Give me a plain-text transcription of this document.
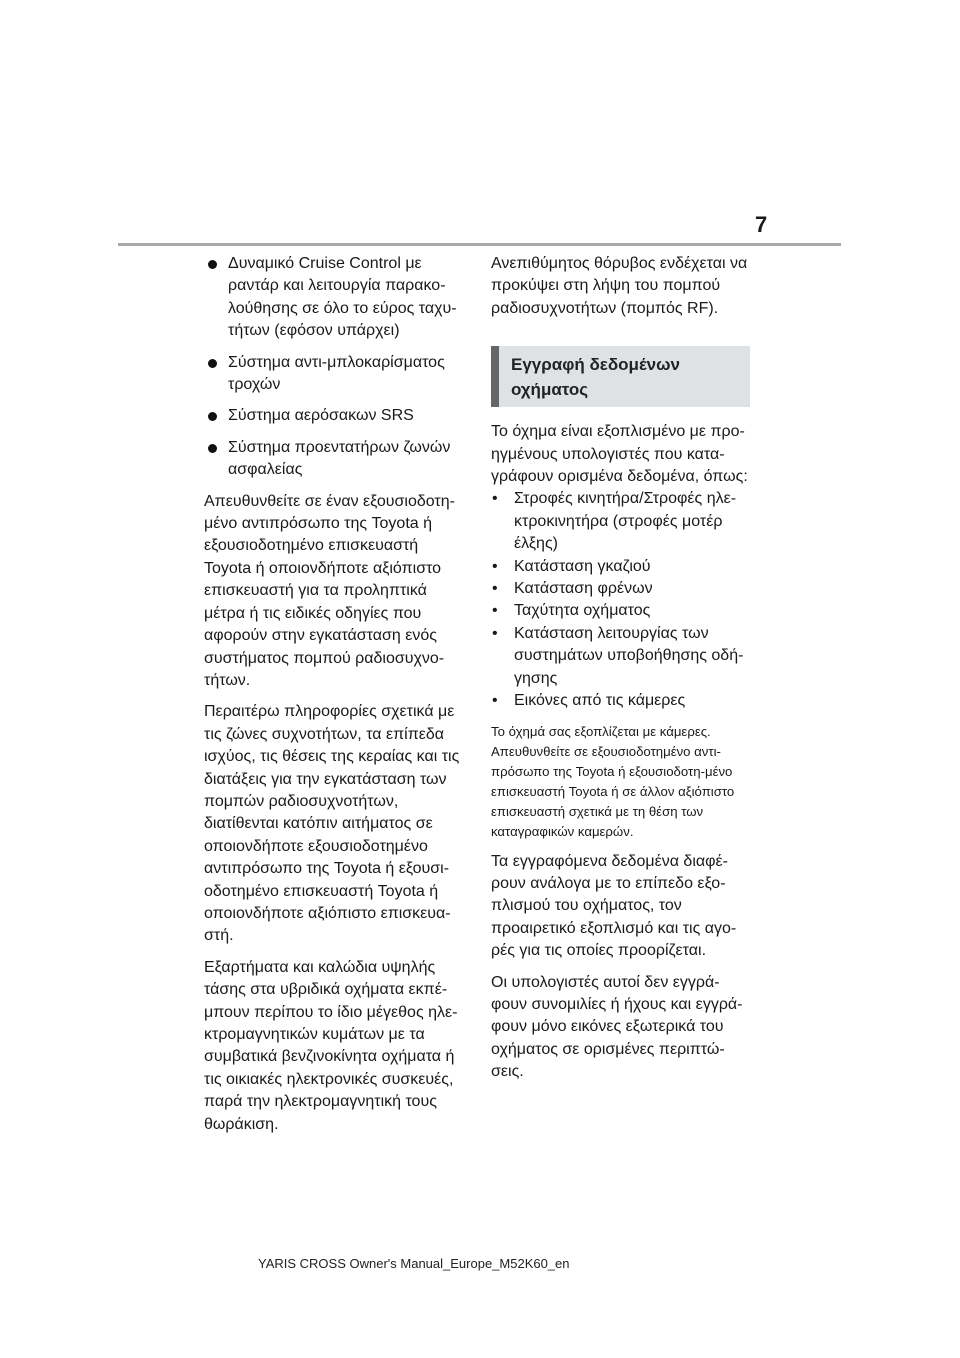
7
Δυναμικό Cruise Control με ραντάρ και λειτουργία παρακο-λούθησης σε όλο το εύρος ταχυ-τήτων (εφόσον υπάρχει)
Σύστημα αντι-μπλοκαρίσματος τροχών
Σύστημα αερόσακων SRS
Σύστημα προεντατήρων ζωνών ασφαλείας

Απευθυνθείτε σε έναν εξουσιοδοτη-μένο αντιπρόσωπο της Toyota ή εξουσιοδοτημένο επισκευαστή Toyota ή οποιονδήποτε αξιόπιστο επισκευαστή για τα προληπτικά μέτρα ή τις ειδικές οδηγίες που αφορούν στην εγκατάσταση ενός συστήματος πομπού ραδιοσυχνο-τήτων.

Περαιτέρω πληροφορίες σχετικά με τις ζώνες συχνοτήτων, τα επίπεδα ισχύος, τις θέσεις της κεραίας και τις διατάξεις για την εγκατάσταση των πομπών ραδιοσυχνοτήτων, διατίθενται κατόπιν αιτήματος σε οποιονδήποτε εξουσιοδοτημένο αντιπρόσωπο της Toyota ή εξουσι-οδοτημένο επισκευαστή Toyota ή οποιονδήποτε αξιόπιστο επισκευα-στή.

Εξαρτήματα και καλώδια υψηλής τάσης στα υβριδικά οχήματα εκπέ-μπουν περίπου το ίδιο μέγεθος ηλε-κτρομαγνητικών κυμάτων με τα συμβατικά βενζινοκίνητα οχήματα ή τις οικιακές ηλεκτρονικές συσκευές, παρά την ηλεκτρομαγνητική τους θωράκιση.

Ανεπιθύμητος θόρυβος ενδέχεται να προκύψει στη λήψη του πομπού ραδιοσυχνοτήτων (πομπός RF).

Εγγραφή δεδομένων
οχήματος

Το όχημα είναι εξοπλισμένο με προ-ηγμένους υπολογιστές που κατα-γράφουν ορισμένα δεδομένα, όπως:

•	Στροφές κινητήρα/Στροφές ηλε-κτροκινητήρα (στροφές μοτέρ έλξης)
•	Κατάσταση γκαζιού
•	Κατάσταση φρένων
•	Ταχύτητα οχήματος
•	Κατάσταση λειτουργίας των συστημάτων υποβοήθησης οδή-γησης
•	Εικόνες από τις κάμερες

Το όχημά σας εξοπλίζεται με κάμερες. Απευθυνθείτε σε εξουσιοδοτημένο αντι-πρόσωπο της Toyota ή εξουσιοδοτη-μένο επισκευαστή Toyota ή σε άλλον αξιόπιστο επισκευαστή σχετικά με τη θέση των καταγραφικών καμερών.

Τα εγγραφόμενα δεδομένα διαφέ-ρουν ανάλογα με το επίπεδο εξο-πλισμού του οχήματος, τον προαιρετικό εξοπλισμό και τις αγο-ρές για τις οποίες προορίζεται.

Οι υπολογιστές αυτοί δεν εγγρά-φουν συνομιλίες ή ήχους και εγγρά-φουν μόνο εικόνες εξωτερικά του οχήματος σε ορισμένες περιπτώ-σεις.

YARIS CROSS Owner's Manual_Europe_M52K60_en
